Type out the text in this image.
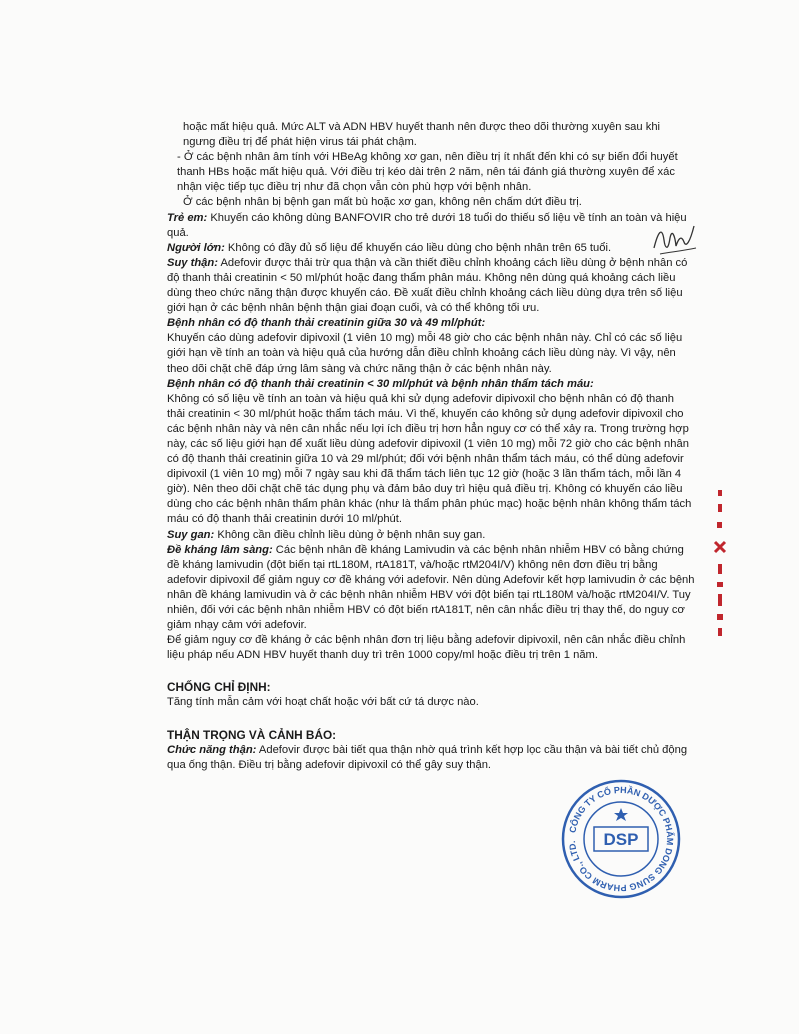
hoặc mất hiệu quả. Mức ALT và ADN HBV huyết thanh nên được theo dõi thường xuyên sau khi ngưng điều trị để phát hiện virus tái phát chậm.

- Ở các bệnh nhân âm tính với HBeAg không xơ gan, nên điều trị ít nhất đến khi có sự biến đổi huyết thanh HBs hoặc mất hiệu quả. Với điều trị kéo dài trên 2 năm, nên tái đánh giá thường xuyên để xác nhận việc tiếp tục điều trị như đã chọn vẫn còn phù hợp với bệnh nhân.

Ở các bệnh nhân bị bệnh gan mất bù hoặc xơ gan, không nên chấm dứt điều trị.

Trẻ em: Khuyến cáo không dùng BANFOVIR cho trẻ dưới 18 tuổi do thiếu số liệu về tính an toàn và hiệu quả.

Người lớn: Không có đầy đủ số liệu để khuyến cáo liều dùng cho bệnh nhân trên 65 tuổi.

Suy thận: Adefovir được thải trừ qua thận và cần thiết điều chỉnh khoảng cách liều dùng ở bệnh nhân có độ thanh thải creatinin < 50 ml/phút hoặc đang thẩm phân máu. Không nên dùng quá khoảng cách liều dùng theo chức năng thận được khuyến cáo. Đề xuất điều chỉnh khoảng cách liều dùng dựa trên số liệu giới hạn ở các bệnh nhân bệnh thận giai đoạn cuối, và có thể không tối ưu.

Bệnh nhân có độ thanh thải creatinin giữa 30 và 49 ml/phút:

Khuyến cáo dùng adefovir dipivoxil (1 viên 10 mg) mỗi 48 giờ cho các bệnh nhân này. Chỉ có các số liệu giới hạn về tính an toàn và hiệu quả của hướng dẫn điều chỉnh khoảng cách liều dùng này. Vì vậy, nên theo dõi chặt chẽ đáp ứng lâm sàng và chức năng thận ở các bệnh nhân này.

Bệnh nhân có độ thanh thải creatinin < 30 ml/phút và bệnh nhân thẩm tách máu:

Không có số liệu về tính an toàn và hiệu quả khi sử dụng adefovir dipivoxil cho bệnh nhân có độ thanh thải creatinin < 30 ml/phút hoặc thẩm tách máu. Vì thế, khuyến cáo không sử dụng adefovir dipivoxil cho các bệnh nhân này và nên cân nhắc nếu lợi ích điều trị hơn hẳn nguy cơ có thể xảy ra. Trong trường hợp này, các số liệu giới hạn để xuất liều dùng adefovir dipivoxil (1 viên 10 mg) mỗi 72 giờ cho các bệnh nhân có độ thanh thải creatinin giữa 10 và 29 ml/phút; đối với bệnh nhân thẩm tách máu, có thể dùng adefovir dipivoxil (1 viên 10 mg) mỗi 7 ngày sau khi đã thẩm tách liên tục 12 giờ (hoặc 3 lần thẩm tách, mỗi lần 4 giờ). Nên theo dõi chặt chẽ tác dụng phụ và đảm bảo duy trì hiệu quả điều trị. Không có khuyến cáo liều dùng cho các bệnh nhân thẩm phân khác (như là thẩm phân phúc mạc) hoặc bệnh nhân không thẩm tách máu có độ thanh thải creatinin dưới 10 ml/phút.

Suy gan: Không cần điều chỉnh liều dùng ở bệnh nhân suy gan.

Đề kháng lâm sàng: Các bệnh nhân đề kháng Lamivudin và các bệnh nhân nhiễm HBV có bằng chứng đề kháng lamivudin (đột biến tại rtL180M, rtA181T, và/hoặc rtM204I/V) không nên đơn điều trị bằng adefovir dipivoxil để giảm nguy cơ đề kháng với adefovir. Nên dùng Adefovir kết hợp lamivudin ở các bệnh nhân đề kháng lamivudin và ở các bệnh nhân nhiễm HBV với đột biến tại rtL180M và/hoặc rtM204I/V. Tuy nhiên, đối với các bệnh nhân nhiễm HBV có đột biến rtA181T, nên cân nhắc điều trị thay thế, do nguy cơ giảm nhạy cảm với adefovir.

Để giảm nguy cơ đề kháng ở các bệnh nhân đơn trị liệu bằng adefovir dipivoxil, nên cân nhắc điều chỉnh liệu pháp nếu ADN HBV huyết thanh duy trì trên 1000 copy/ml hoặc điều trị trên 1 năm.

CHỐNG CHỈ ĐỊNH:

Tăng tính mẫn cảm với hoạt chất hoặc với bất cứ tá dược nào.

THẬN TRỌNG VÀ CẢNH BÁO:

Chức năng thận: Adefovir được bài tiết qua thận nhờ quá trình kết hợp lọc cầu thận và bài tiết chủ động qua ống thận. Điều trị bằng adefovir dipivoxil có thể gây suy thận.

CÔNG TY CỔ PHẦN DƯỢC PHẨM DONG SUNG PHARM CO., LTD.	DSP
